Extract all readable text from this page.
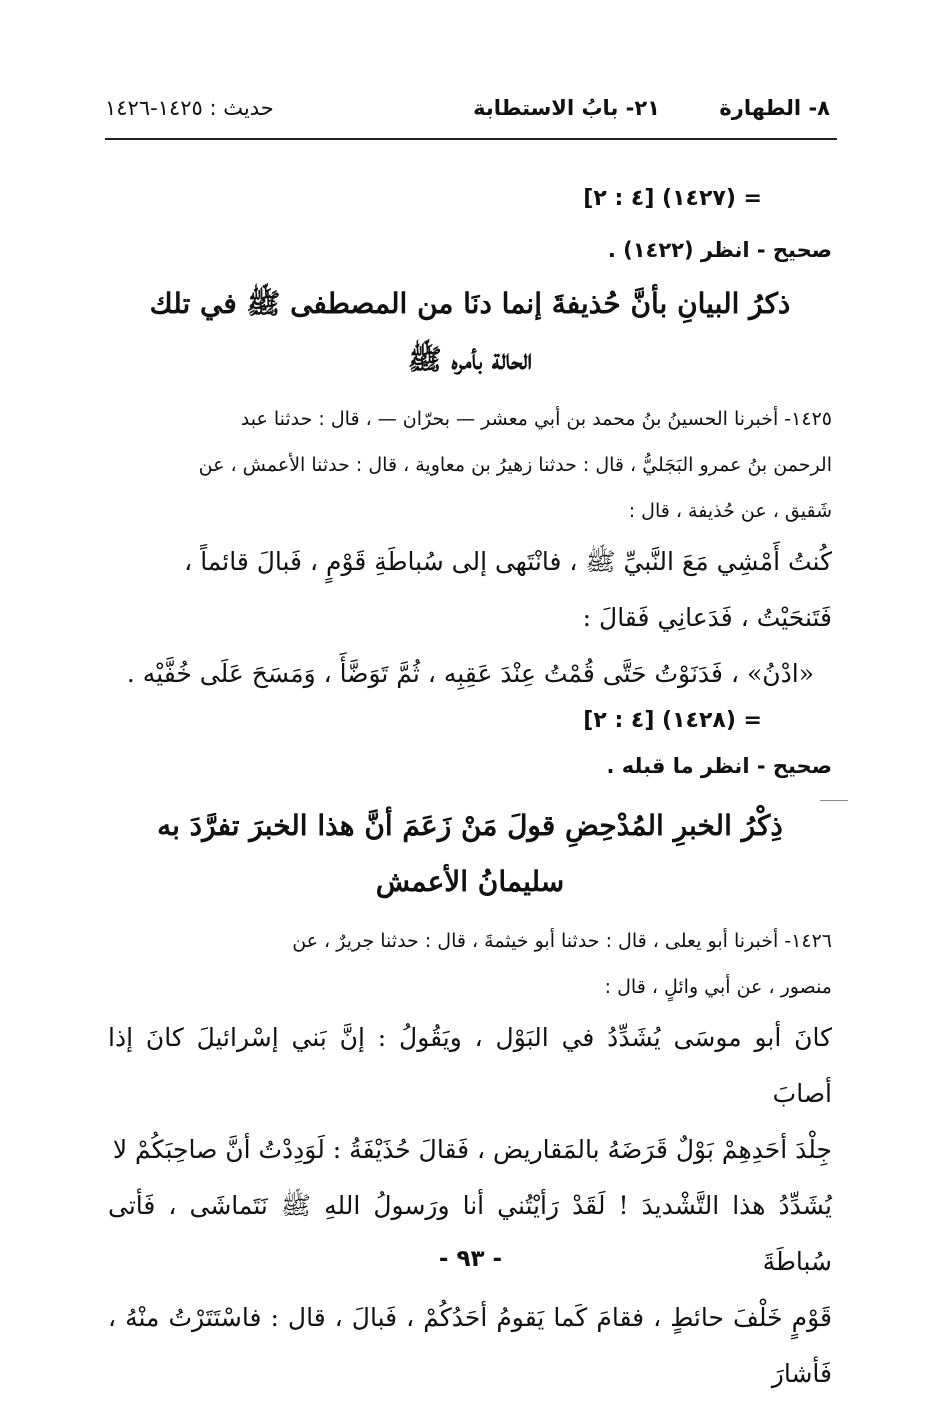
٨- الطهارة
٢١- بابُ الاستطابة
حديث : ١٤٢٥-١٤٢٦

= (١٤٢٧) [٤ : ٢]

صحيح - انظر (١٤٢٢) .

ذكرُ البيانِ بأنَّ حُذيفةَ إنما دنَا من المصطفى ﷺ في تلك
الحالة بأمره ﷺ

١٤٢٥- أخبرنا الحسينُ بنُ محمد بن أبي معشر — بحرّان — ، قال : حدثنا عبد

الرحمن بنُ عمرو البَجَليُّ ، قال : حدثنا زهيرُ بن معاوية ، قال : حدثنا الأعمش ، عن

شَقيق ، عن حُذيفة ، قال :

كُنتُ أَمْشِي مَعَ النَّبيِّ ﷺ ، فانْتَهى إلى سُباطَةِ قَوْمٍ ، فَبالَ قائماً ،

فَتَنحَيْتُ ، فَدَعانِي فَقالَ :

«ادْنُ» ، فَدَنَوْتُ حَتَّى قُمْتُ عِنْدَ عَقِبِه ، ثُمَّ تَوَضَّأَ ، وَمَسَحَ عَلَى خُفَّيْه .

= (١٤٢٨) [٤ : ٢]

صحيح - انظر ما قبله .

ذِكْرُ الخبرِ المُدْحِضِ قولَ مَنْ زَعَمَ أنَّ هذا الخبرَ تفرَّدَ به
سليمانُ الأعمش

١٤٢٦- أخبرنا أبو يعلى ، قال : حدثنا أبو خيثمةَ ، قال : حدثنا جريرٌ ، عن

منصور ، عن أبي وائلٍ ، قال :

كانَ أبو موسَى يُشَدِّدُ في البَوْل ، ويَقُولُ : إنَّ بَني إسْرائيلَ كانَ إذا أصابَ

جِلْدَ أحَدِهِمْ بَوْلٌ قَرَضَهُ بالمَقاريض ، فَقالَ حُذَيْفَةُ : لَوَدِدْتُ أنَّ صاحِبَكُمْ لا

يُشَدِّدُ هذا التَّشْديدَ ! لَقَدْ رَأيْتُني أنا ورَسولُ اللهِ ﷺ نَتَماشَى ، فَأتى سُباطَةَ

قَوْمٍ خَلْفَ حائطٍ ، فقامَ كَما يَقومُ أحَدُكُمْ ، فَبالَ ، قال : فاسْتَتَرْتُ منْهُ ، فَأشارَ

- ٩٣ -
